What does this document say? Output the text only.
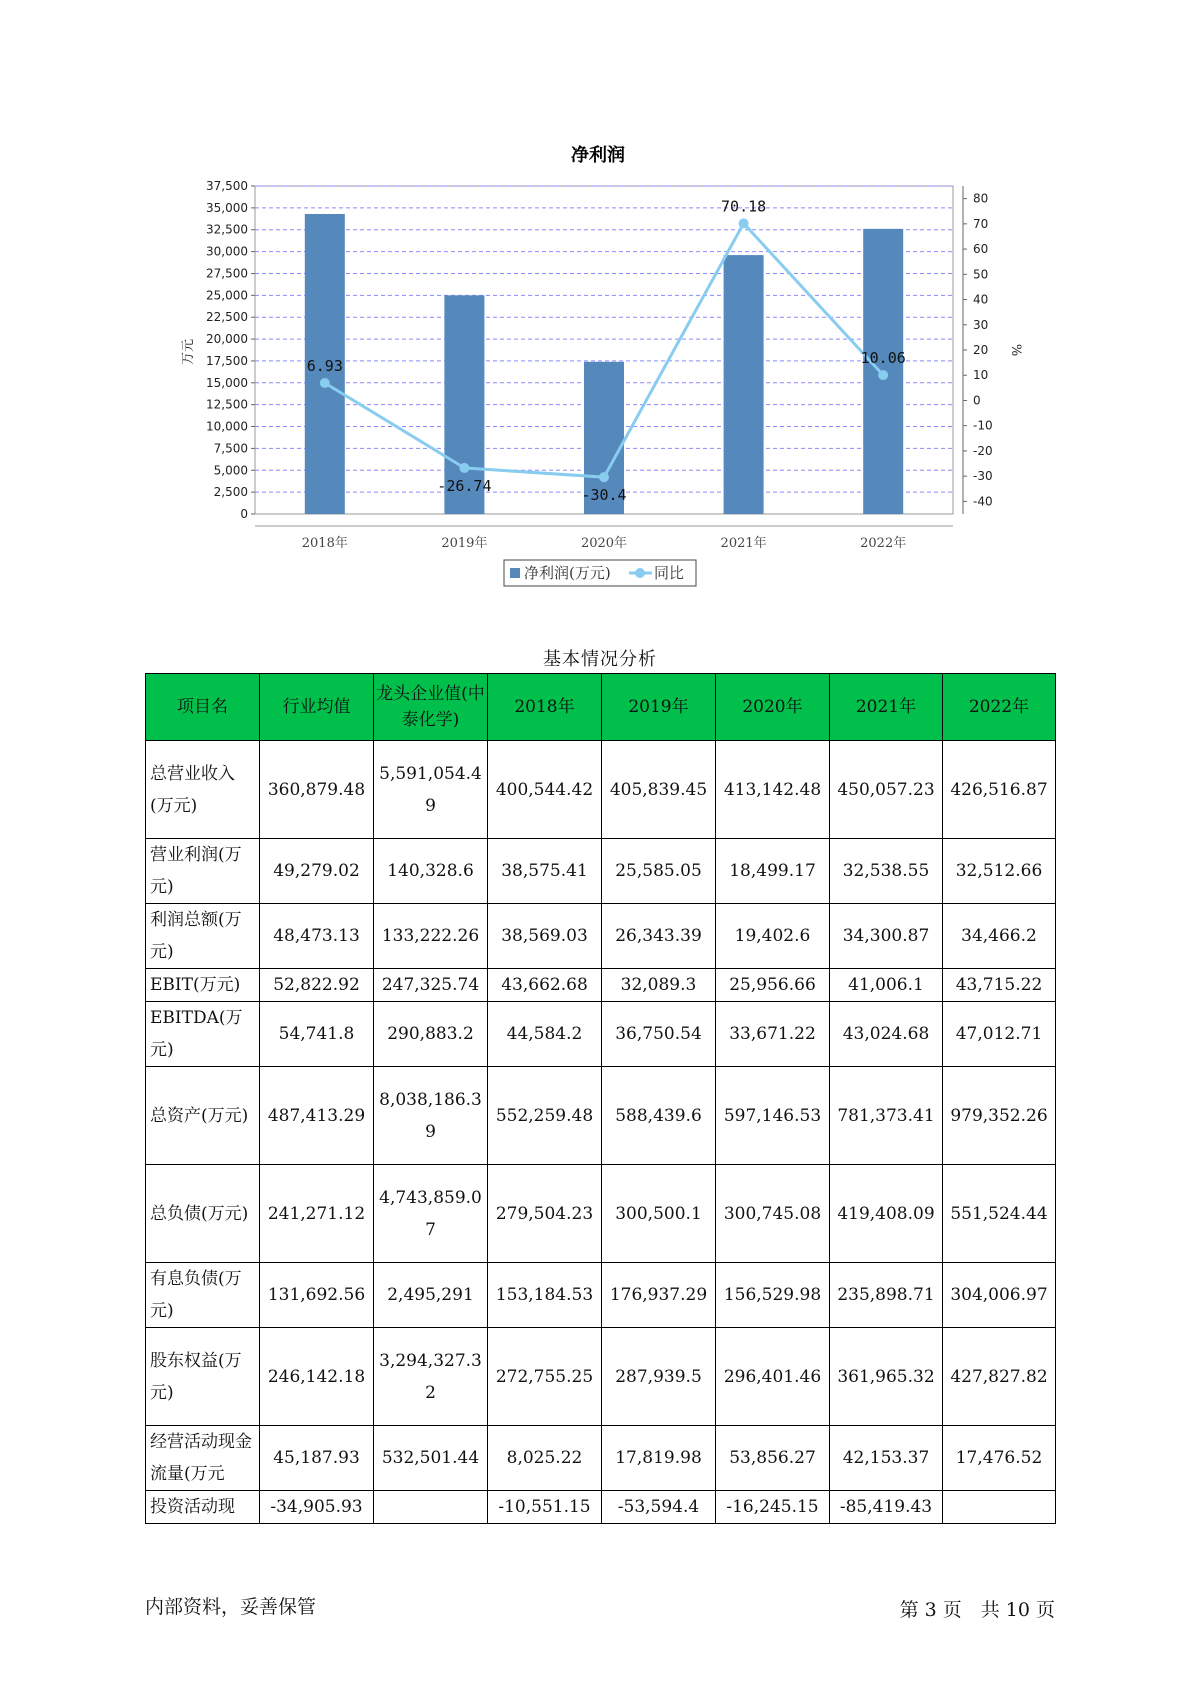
净利润
0
2,500
5,000
7,500
10,000
12,500
15,000
17,500
20,000
22,500
25,000
27,500
30,000
32,500
35,000
37,500
-40
-30
-20
-10
0
10
20
30
40
50
60
70
80
万元	%
2018年	2019年	2020年	2021年	2022年
6.93
-26.74
-30.4
70.18
10.06
净利润(万元)	同比
基本情况分析
项目名	行业均值	龙头企业值(中泰化学)	2018年	2019年	2020年	2021年	2022年
总营业收入(万元)	360,879.48	5,591,054.49	400,544.42	405,839.45	413,142.48	450,057.23	426,516.87
营业利润(万元)	49,279.02	140,328.6	38,575.41	25,585.05	18,499.17	32,538.55	32,512.66
利润总额(万元)	48,473.13	133,222.26	38,569.03	26,343.39	19,402.6	34,300.87	34,466.2
EBIT(万元)	52,822.92	247,325.74	43,662.68	32,089.3	25,956.66	41,006.1	43,715.22
EBITDA(万元)	54,741.8	290,883.2	44,584.2	36,750.54	33,671.22	43,024.68	47,012.71
总资产(万元)	487,413.29	8,038,186.39	552,259.48	588,439.6	597,146.53	781,373.41	979,352.26
总负债(万元)	241,271.12	4,743,859.07	279,504.23	300,500.1	300,745.08	419,408.09	551,524.44
有息负债(万元)	131,692.56	2,495,291	153,184.53	176,937.29	156,529.98	235,898.71	304,006.97
股东权益(万元)	246,142.18	3,294,327.32	272,755.25	287,939.5	296,401.46	361,965.32	427,827.82
经营活动现金流量(万元	45,187.93	532,501.44	8,025.22	17,819.98	53,856.27	42,153.37	17,476.52
投资活动现	-34,905.93		-10,551.15	-53,594.4	-16,245.15	-85,419.43	
内部资料，妥善保管	第 3 页　共 10 页
